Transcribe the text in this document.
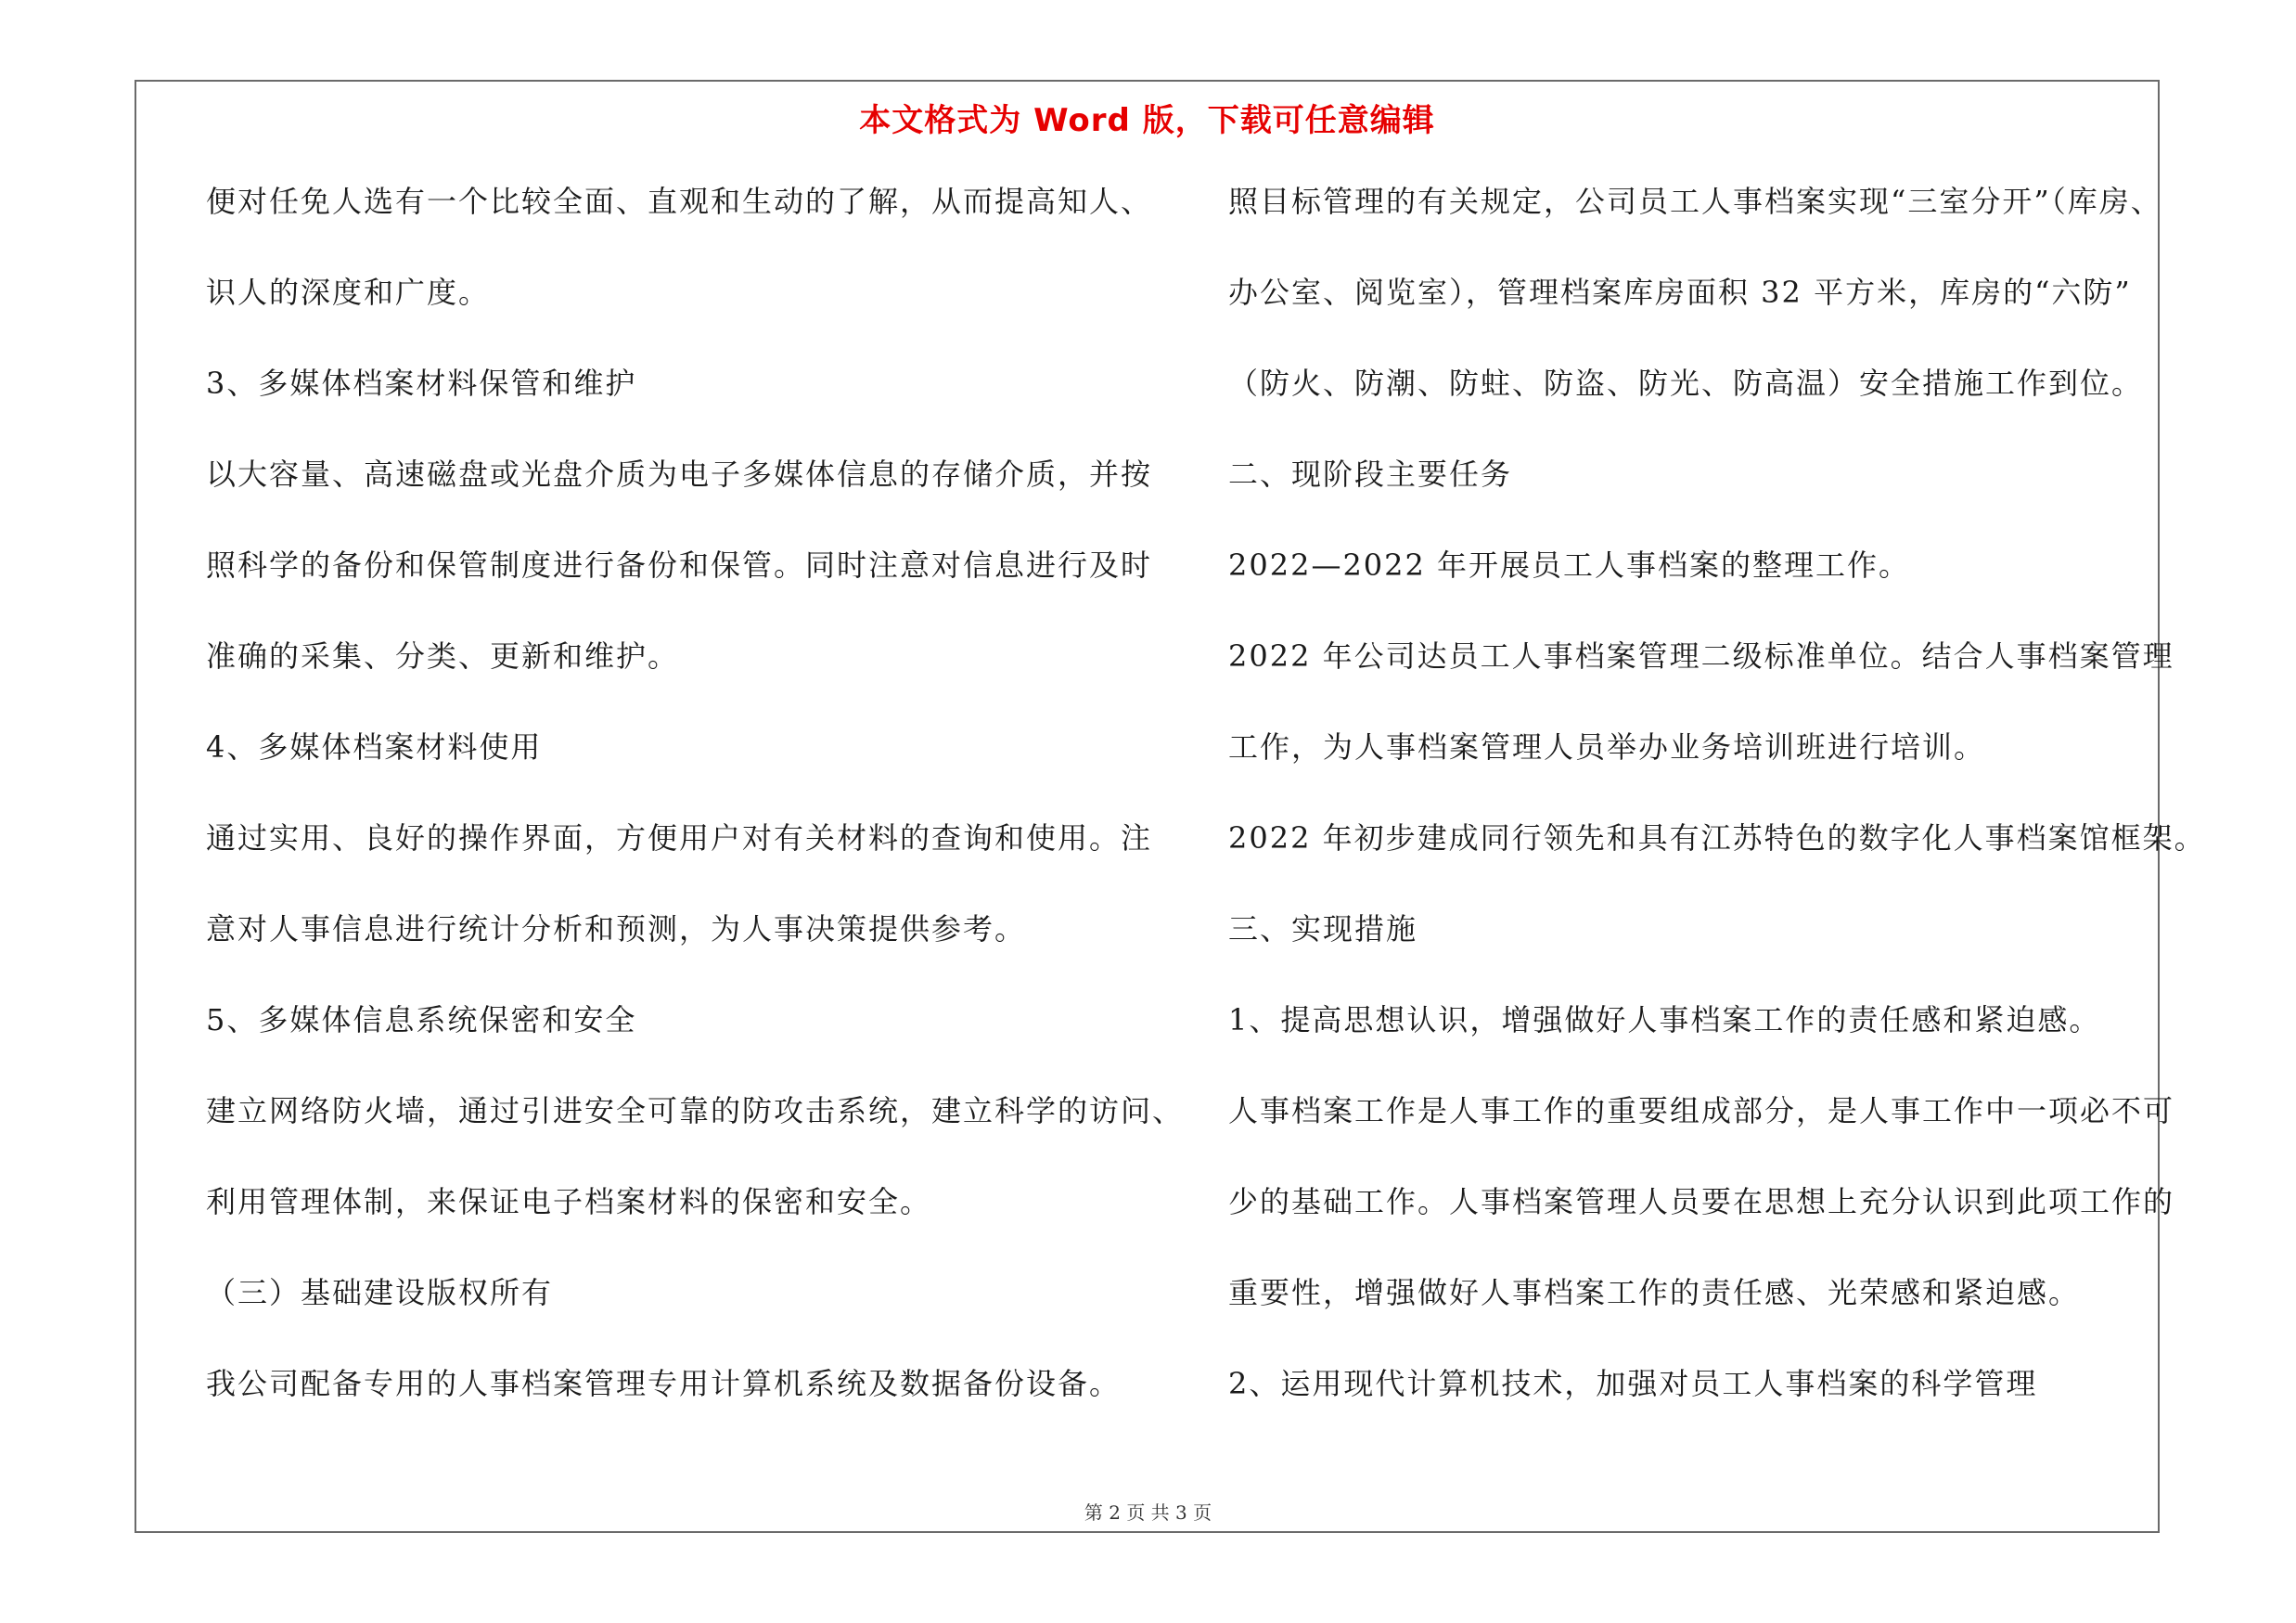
本文格式为 Word 版，下载可任意编辑
便对任免人选有一个比较全面、直观和生动的了解，从而提高知人、
识人的深度和广度。
3、多媒体档案材料保管和维护
以大容量、高速磁盘或光盘介质为电子多媒体信息的存储介质，并按
照科学的备份和保管制度进行备份和保管。同时注意对信息进行及时
准确的采集、分类、更新和维护。
4、多媒体档案材料使用
通过实用、良好的操作界面，方便用户对有关材料的查询和使用。注
意对人事信息进行统计分析和预测，为人事决策提供参考。
5、多媒体信息系统保密和安全
建立网络防火墙，通过引进安全可靠的防攻击系统，建立科学的访问、
利用管理体制，来保证电子档案材料的保密和安全。
（三）基础建设版权所有
我公司配备专用的人事档案管理专用计算机系统及数据备份设备。
照目标管理的有关规定，公司员工人事档案实现“三室分开”（库房、
办公室、阅览室），管理档案库房面积 32 平方米，库房的“六防”
（防火、防潮、防蛀、防盗、防光、防高温）安全措施工作到位。
二、现阶段主要任务
2022—2022 年开展员工人事档案的整理工作。
2022 年公司达员工人事档案管理二级标准单位。结合人事档案管理
工作，为人事档案管理人员举办业务培训班进行培训。
2022 年初步建成同行领先和具有江苏特色的数字化人事档案馆框架。
三、实现措施
1、提高思想认识，增强做好人事档案工作的责任感和紧迫感。
人事档案工作是人事工作的重要组成部分，是人事工作中一项必不可
少的基础工作。人事档案管理人员要在思想上充分认识到此项工作的
重要性，增强做好人事档案工作的责任感、光荣感和紧迫感。
2、运用现代计算机技术，加强对员工人事档案的科学管理
第 2 页 共 3 页
